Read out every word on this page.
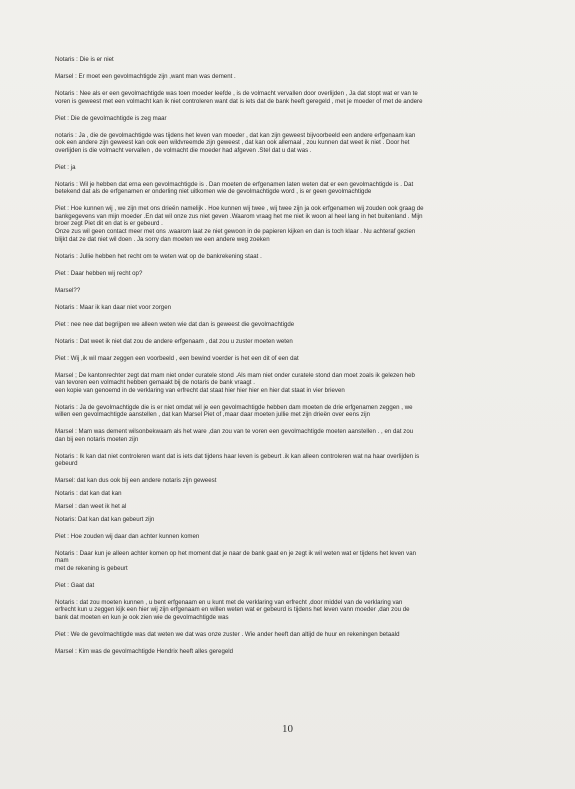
Notaris : Die is er niet
Marsel : Er moet een gevolmachtigde zijn ,want man was dement .
Notaris : Nee als er een gevolmachtigde was toen moeder leefde , is de volmacht vervallen door overlijden , Ja dat stopt wat er van te
voren is geweest met een volmacht kan ik niet controleren want dat is iets dat de bank heeft geregeld , met je moeder of met de andere
Piet : Die de gevolmachtigde is zeg maar
notaris : Ja , die de gevolmachtigde was tijdens het leven van moeder , dat kan zijn geweest bijvoorbeeld een andere erfgenaam kan
ook een andere zijn geweest kan ook een wildvreemde zijn geweest , dat kan ook allemaal , zou kunnen dat weet ik niet . Door het
overlijden is die volmacht vervallen , de volmacht die moeder had afgeven .Stel dat u dat was .
Piet : ja
Notaris : Wil je hebben dat erna een gevolmachtigde is . Dan moeten de erfgenamen laten weten dat er een gevolmachtigde is . Dat
betekend dat als de erfgenamen er onderling niet uitkomen wie de gevolmachtigde word , is er geen gevolmachtigde
Piet : Hoe kunnen wij , we zijn met ons drieën namelijk . Hoe kunnen wij twee , wij twee zijn ja ook erfgenamen wij zouden ook graag de
bankgegevens van mijn moeder .En dat wil onze zus niet geven .Waarom vraag het me niet ik woon al heel lang in het buitenland . Mijn
broer zegt Piet dit en dat is er gebeurd .
Onze zus wil geen contact meer met ons .waarom laat ze niet gewoon in de papieren kijken en dan is toch klaar . Nu achteraf gezien
blijkt dat ze dat niet wil doen . Ja sorry dan moeten we een andere weg zoeken
Notaris : Jullie hebben het recht om te weten wat op de bankrekening staat .
Piet : Daar hebben wij recht op?
Marsel??
Notaris : Maar ik kan daar niet voor zorgen
Piet : nee nee dat begrijpen we alleen weten wie dat dan is geweest die gevolmachtigde
Notaris : Dat weet ik niet dat zou de andere erfgenaam , dat zou u zuster moeten weten
Piet : Wij ,ik wil maar zeggen een voorbeeld , een bewind voerder is het een dit of een dat
Marsel ; De kantonrechter zegt dat mam niet onder curatele stond .Als mam niet onder curatele stond dan moet zoals ik gelezen heb
van tevoren een volmacht hebben gemaakt bij de notaris de bank vraagt .
een kopie van genoemd in de verklaring van erfrecht dat staat hier hier hier en hier dat staat in vier brieven
Notaris : Ja de gevolmachtigde die is er niet omdat wil je een gevolmachtigde hebben dam moeten de drie erfgenamen zeggen , we
willen een gevolmachtigde aanstellen , dat kan Marsel Piet of ,maar daar moeten jullie met zijn drieën over eens zijn
Marsel : Mam was dement wilsonbekwaam als het ware ,dan zou van te voren een gevolmachtigde moeten aanstellen . , en dat zou
dan bij een notaris moeten zijn
Notaris : Ik kan dat niet controleren want dat is iets dat tijdens haar leven is gebeurt .ik kan alleen controleren wat na haar overlijden is
gebeurd
Marsel: dat kan dus ook bij een andere notaris zijn geweest
Notaris : dat kan dat kan
Marsel : dan weet ik het al
Notaris: Dat kan dat kan gebeurt zijn
Piet : Hoe zouden wij daar dan achter kunnen komen
Notaris : Daar kun je alleen achter komen op het moment dat je naar de bank gaat en je zegt ik wil weten wat er tijdens het leven van
mam
met de rekening is gebeurt
Piet : Gaat dat
Notaris : dat zou moeten kunnen , u bent erfgenaam en u kunt met de verklaring van erfrecht ,door middel van de verklaring van
erfrecht kun u zeggen kijk een hier wij zijn erfgenaam en willen weten wat er gebeurd is tijdens het leven vann moeder ,dan zou de
bank dat moeten en kun je ook zien wie de gevolmachtigde was
Piet : We de gevolmachtigde was dat weten we dat was onze zuster . Wie ander heeft dan altijd de huur en rekeningen betaald
Marsel : Kim was de gevolmachtigde Hendrix heeft alles geregeld
10
